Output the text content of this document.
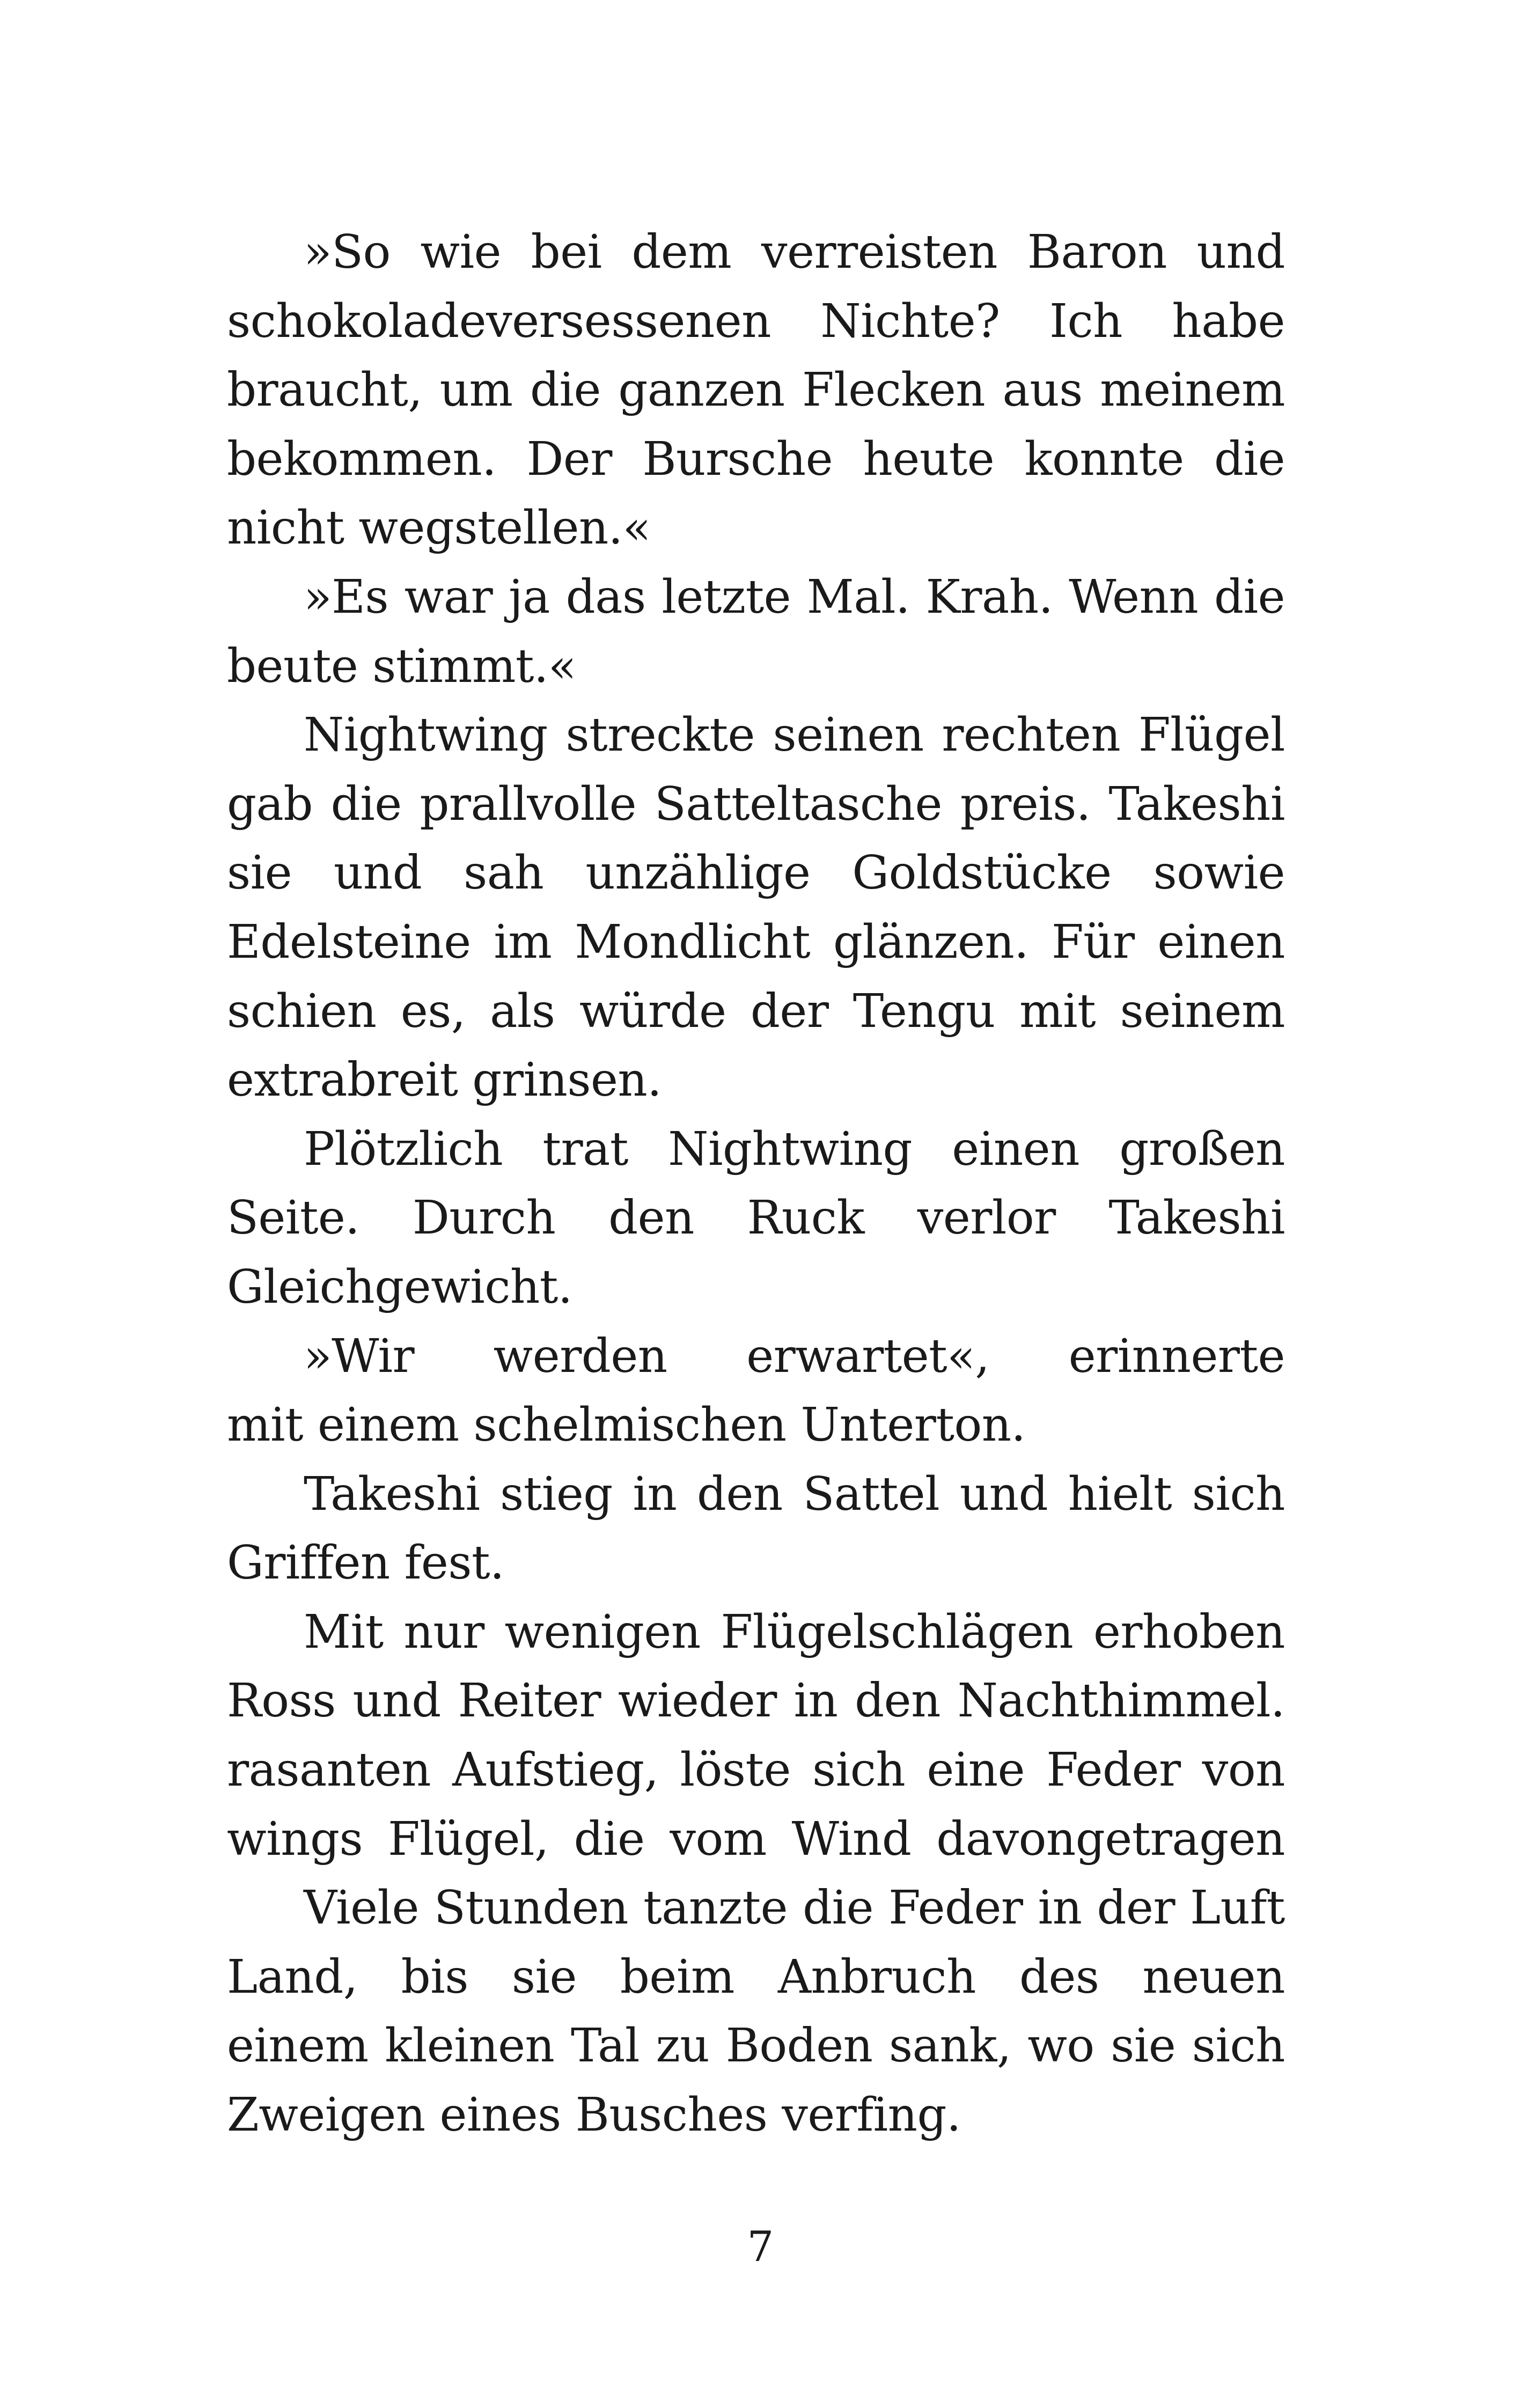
»So wie bei dem verreisten Baron und
schokoladeversessenen Nichte? Ich habe
braucht, um die ganzen Flecken aus meinem
bekommen. Der Bursche heute konnte die
nicht wegstellen.«
»Es war ja das letzte Mal. Krah. Wenn die
beute stimmt.«
Nightwing streckte seinen rechten Flügel
gab die prallvolle Satteltasche preis. Takeshi
sie und sah unzählige Goldstücke sowie
Edelsteine im Mondlicht glänzen. Für einen
schien es, als würde der Tengu mit seinem
extrabreit grinsen.
Plötzlich trat Nightwing einen großen
Seite. Durch den Ruck verlor Takeshi
Gleichgewicht.
»Wir werden erwartet«, erinnerte
mit einem schelmischen Unterton.
Takeshi stieg in den Sattel und hielt sich
Griffen fest.
Mit nur wenigen Flügelschlägen erhoben
Ross und Reiter wieder in den Nachthimmel.
rasanten Aufstieg, löste sich eine Feder von
wings Flügel, die vom Wind davongetragen
Viele Stunden tanzte die Feder in der Luft
Land, bis sie beim Anbruch des neuen
einem kleinen Tal zu Boden sank, wo sie sich
Zweigen eines Busches verfing.
7
